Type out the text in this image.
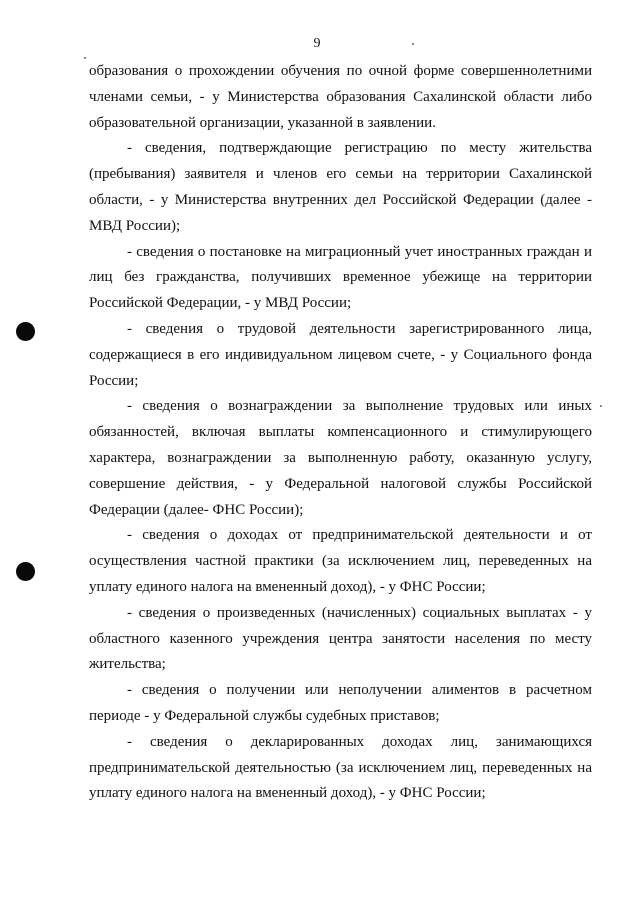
9

образования о прохождении обучения по очной форме совершеннолетними членами семьи, - у Министерства образования Сахалинской области либо образовательной организации, указанной в заявлении.

- сведения, подтверждающие регистрацию по месту жительства (пребывания) заявителя и членов его семьи на территории Сахалинской области, - у Министерства внутренних дел Российской Федерации (далее - МВД России);

- сведения о постановке на миграционный учет иностранных граждан и лиц без гражданства, получивших временное убежище на территории Российской Федерации, - у МВД России;

- сведения о трудовой деятельности зарегистрированного лица, содержащиеся в его индивидуальном лицевом счете, - у Социального фонда России;

- сведения о вознаграждении за выполнение трудовых или иных обязанностей, включая выплаты компенсационного и стимулирующего характера, вознаграждении за выполненную работу, оказанную услугу, совершение действия, - у Федеральной налоговой службы Российской Федерации (далее- ФНС России);

- сведения о доходах от предпринимательской деятельности и от осуществления частной практики (за исключением лиц, переведенных на уплату единого налога на вмененный доход), - у ФНС России;

- сведения о произведенных (начисленных) социальных выплатах - у областного казенного учреждения центра занятости населения по месту жительства;

- сведения о получении или неполучении алиментов в расчетном периоде - у Федеральной службы судебных приставов;

- сведения о декларированных доходах лиц, занимающихся предпринимательской деятельностью (за исключением лиц, переведенных на уплату единого налога на вмененный доход), - у ФНС России;
